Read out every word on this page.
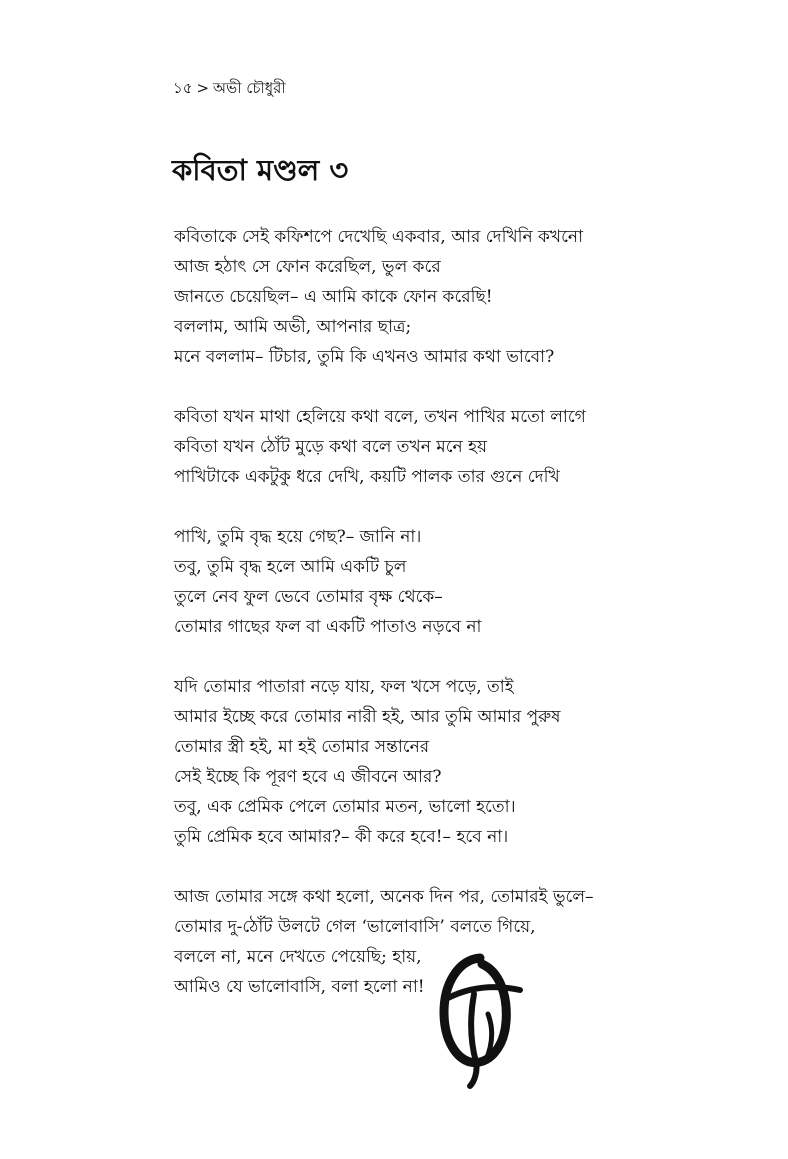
১৫ > অভী চৌধুরী
কবিতা মণ্ডল ৩
কবিতাকে সেই কফিশপে দেখেছি একবার, আর দেখিনি কখনো
আজ হঠাৎ সে ফোন করেছিল, ভুল করে
জানতে চেয়েছিল– এ আমি কাকে ফোন করেছি!
বললাম, আমি অভী, আপনার ছাত্র;
মনে বললাম– টিচার, তুমি কি এখনও আমার কথা ভাবো?
কবিতা যখন মাথা হেলিয়ে কথা বলে, তখন পাখির মতো লাগে
কবিতা যখন ঠোঁট মুড়ে কথা বলে তখন মনে হয়
পাখিটাকে একটুকু ধরে দেখি, কয়টি পালক তার গুনে দেখি
পাখি, তুমি বৃদ্ধ হয়ে গেছ?– জানি না।
তবু, তুমি বৃদ্ধ হলে আমি একটি চুল
তুলে নেব ফুল ভেবে তোমার বৃক্ষ থেকে–
তোমার গাছের ফল বা একটি পাতাও নড়বে না
যদি তোমার পাতারা নড়ে যায়, ফল খসে পড়ে, তাই
আমার ইচ্ছে করে তোমার নারী হই, আর তুমি আমার পুরুষ
তোমার স্ত্রী হই, মা হই তোমার সন্তানের
সেই ইচ্ছে কি পূরণ হবে এ জীবনে আর?
তবু, এক প্রেমিক পেলে তোমার মতন, ভালো হতো।
তুমি প্রেমিক হবে আমার?– কী করে হবে!– হবে না।
আজ তোমার সঙ্গে কথা হলো, অনেক দিন পর, তোমারই ভুলে–
তোমার দু-ঠোঁট উলটে গেল ‘ভালোবাসি’ বলতে গিয়ে,
বললে না, মনে দেখতে পেয়েছি; হায়,
আমিও যে ভালোবাসি, বলা হলো না!
